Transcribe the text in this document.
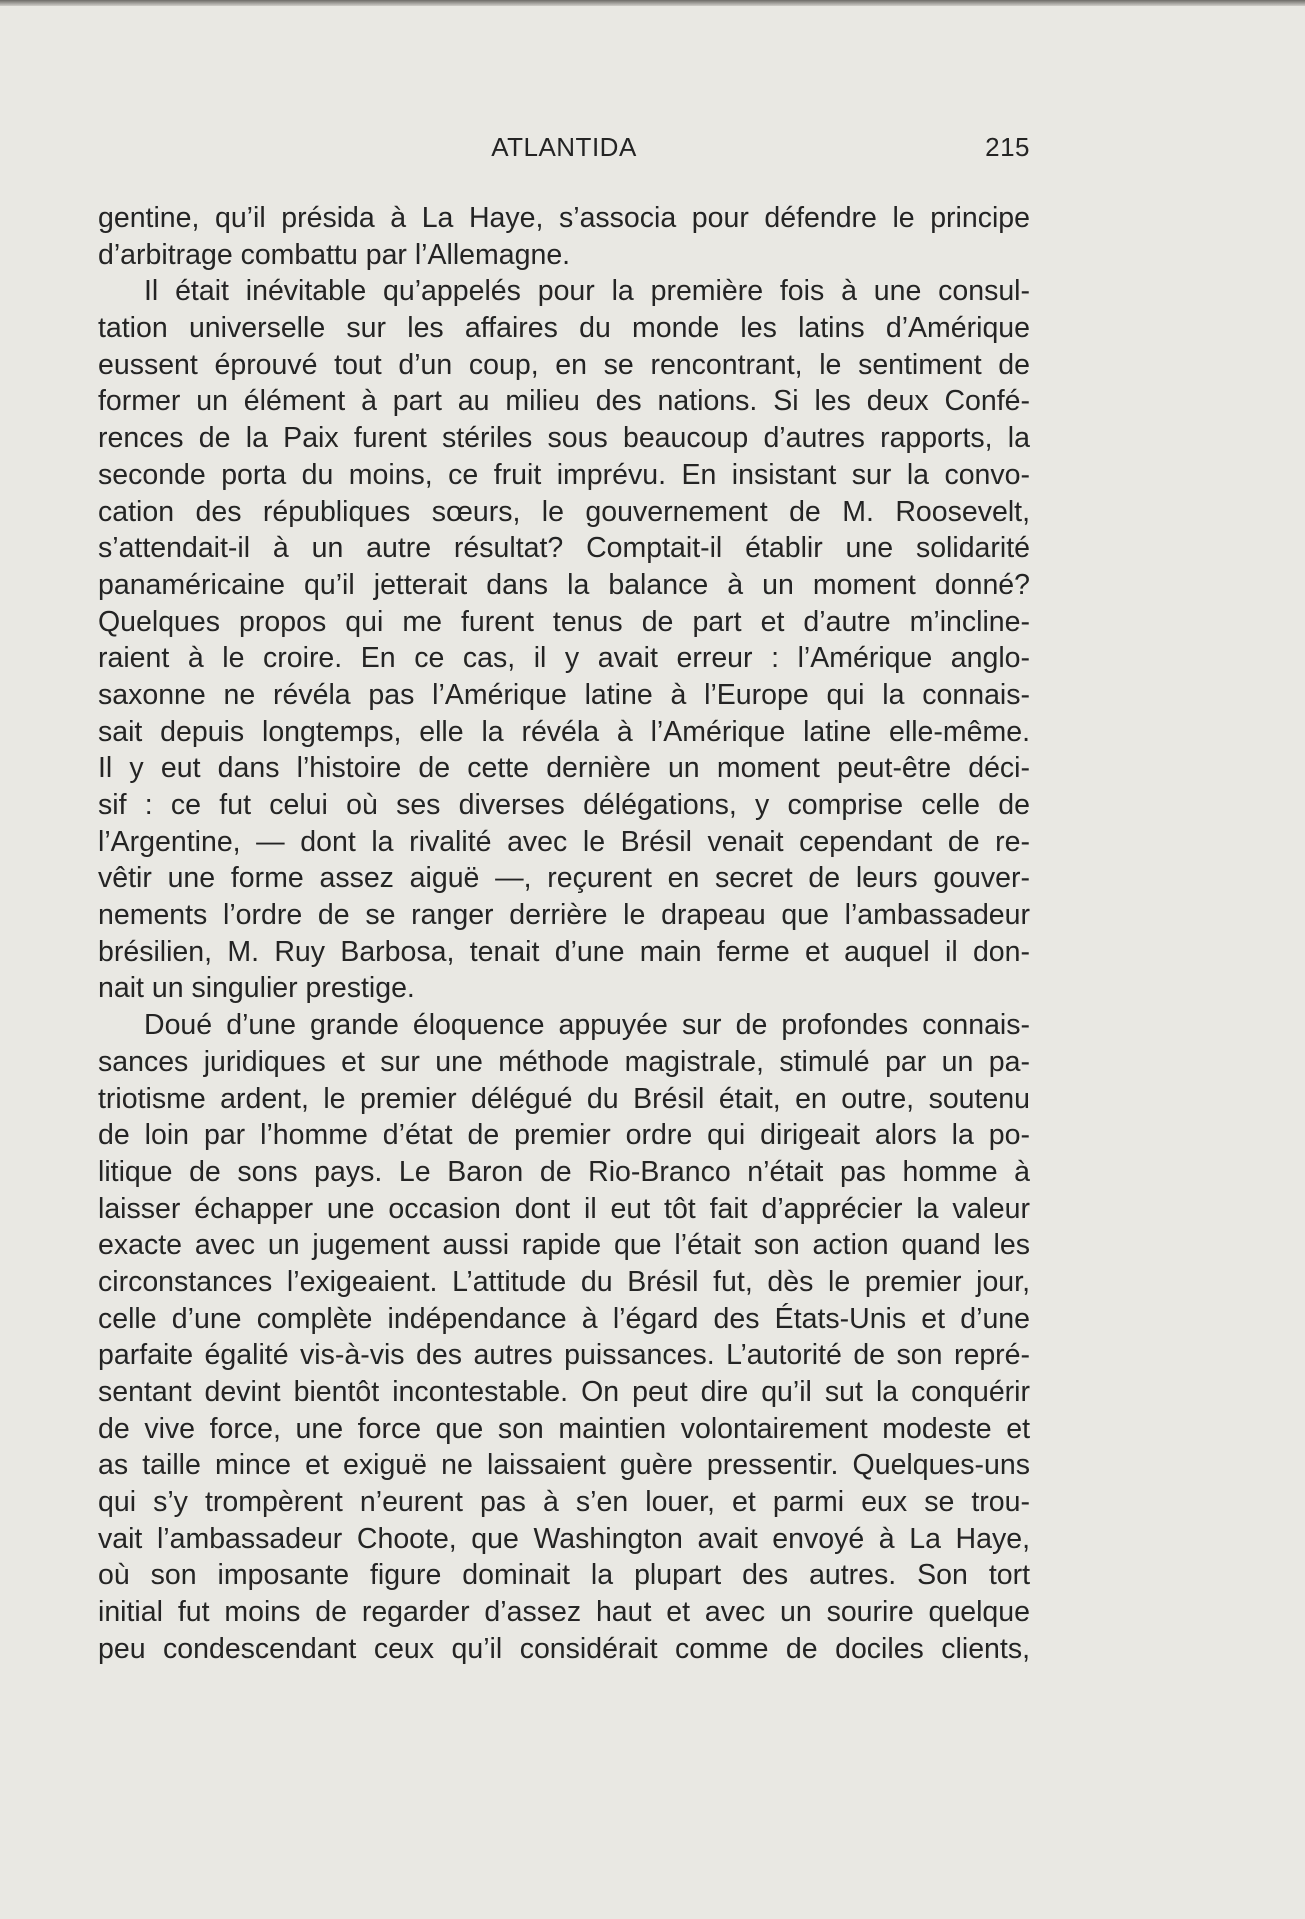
ATLANTIDA	215
gentine, qu’il présida à La Haye, s’associa pour défendre le principe
d’arbitrage combattu par l’Allemagne.
Il était inévitable qu’appelés pour la première fois à une consul-
tation universelle sur les affaires du monde les latins d’Amérique
eussent éprouvé tout d’un coup, en se rencontrant, le sentiment de
former un élément à part au milieu des nations. Si les deux Confé-
rences de la Paix furent stériles sous beaucoup d’autres rapports, la
seconde porta du moins, ce fruit imprévu. En insistant sur la convo-
cation des républiques sœurs, le gouvernement de M. Roosevelt,
s’attendait-il à un autre résultat? Comptait-il établir une solidarité
panaméricaine qu’il jetterait dans la balance à un moment donné?
Quelques propos qui me furent tenus de part et d’autre m’incline-
raient à le croire. En ce cas, il y avait erreur : l’Amérique anglo-
saxonne ne révéla pas l’Amérique latine à l’Europe qui la connais-
sait depuis longtemps, elle la révéla à l’Amérique latine elle-même.
Il y eut dans l’histoire de cette dernière un moment peut-être déci-
sif : ce fut celui où ses diverses délégations, y comprise celle de
l’Argentine, — dont la rivalité avec le Brésil venait cependant de re-
vêtir une forme assez aiguë —, reçurent en secret de leurs gouver-
nements l’ordre de se ranger derrière le drapeau que l’ambassadeur
brésilien, M. Ruy Barbosa, tenait d’une main ferme et auquel il don-
nait un singulier prestige.
Doué d’une grande éloquence appuyée sur de profondes connais-
sances juridiques et sur une méthode magistrale, stimulé par un pa-
triotisme ardent, le premier délégué du Brésil était, en outre, soutenu
de loin par l’homme d’état de premier ordre qui dirigeait alors la po-
litique de sons pays. Le Baron de Rio-Branco n’était pas homme à
laisser échapper une occasion dont il eut tôt fait d’apprécier la valeur
exacte avec un jugement aussi rapide que l’était son action quand les
circonstances l’exigeaient. L’attitude du Brésil fut, dès le premier jour,
celle d’une complète indépendance à l’égard des États-Unis et d’une
parfaite égalité vis-à-vis des autres puissances. L’autorité de son repré-
sentant devint bientôt incontestable. On peut dire qu’il sut la conquérir
de vive force, une force que son maintien volontairement modeste et
as taille mince et exiguë ne laissaient guère pressentir. Quelques-uns
qui s’y trompèrent n’eurent pas à s’en louer, et parmi eux se trou-
vait l’ambassadeur Choote, que Washington avait envoyé à La Haye,
où son imposante figure dominait la plupart des autres. Son tort
initial fut moins de regarder d’assez haut et avec un sourire quelque
peu condescendant ceux qu’il considérait comme de dociles clients,
